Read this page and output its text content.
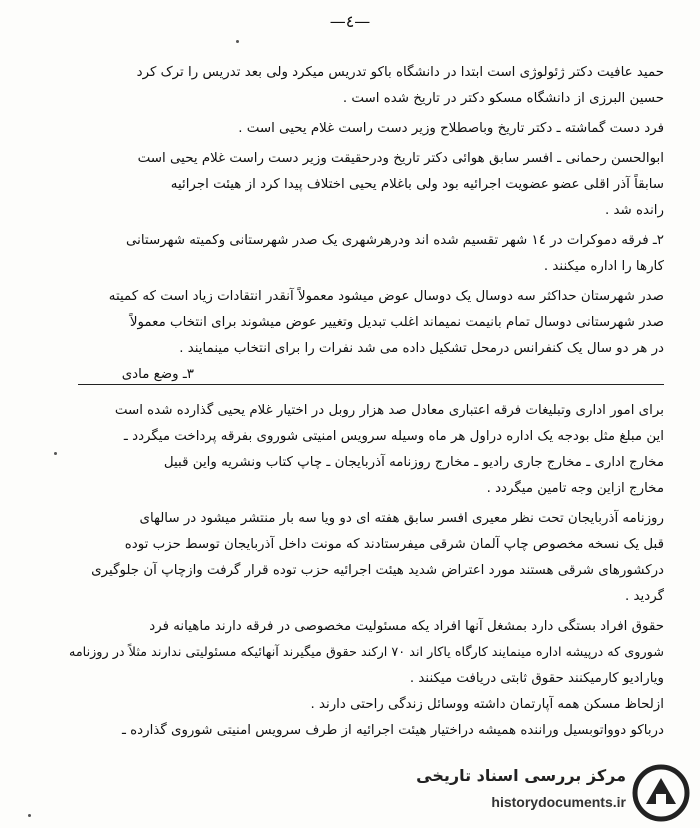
—٤—
حمید عافیت دکتر ژئولوژی است ابتدا در دانشگاه باکو تدریس میکرد ولی بعد تدریس را ترک کرد
حسین البرزی از دانشگاه مسکو دکتر در تاریخ شده است .
فرد دست گماشته ـ دکتر تاریخ وباصطلاح وزیر دست راست غلام یحیی است .
ابوالحسن رحمانی ـ افسر سابق هوائی دکتر تاریخ ودرحقیقت وزیر دست راست غلام یحیی است
سابقاً آذر اقلی عضو عضویت اجرائیه بود ولی باغلام یحیی اختلاف پیدا کرد از هیئت اجرائیه
رانده شد .
٢ـ فرقه دموکرات در ١٤ شهر تقسیم شده اند ودرهرشهری یک صدر شهرستانی وکمیته شهرستانی
کارها را اداره میکنند .
صدر شهرستان حداکثر سه دوسال یک دوسال عوض میشود معمولاً آنقدر انتقادات زیاد است که کمیته
صدر شهرستانی دوسال تمام بانیمت نمیماند اغلب تبدیل وتغییر عوض میشوند برای انتخاب معمولاً
در هر دو سال یک کنفرانس درمحل تشکیل داده می شد نفرات را برای انتخاب مینمایند .
٣ـ وضع مادی
برای امور اداری وتبلیغات فرقه اعتباری معادل صد هزار روبل در اختیار غلام یحیی گذارده شده است
این مبلغ مثل بودجه یک اداره دراول هر ماه وسیله سرویس امنیتی شوروی بفرقه پرداخت میگردد ـ
مخارج اداری ـ مخارج جاری رادیو ـ مخارج روزنامه آذربایجان ـ چاپ کتاب ونشریه واین قبیل
مخارج ازاین وجه تامین میگردد .
روزنامه آذربایجان تحت نظر معیری افسر سابق هفته ای دو ویا سه بار منتشر میشود در سالهای
قبل یک نسخه مخصوص چاپ آلمان شرقی میفرستادند که مونت داخل آذربایجان توسط حزب توده
درکشورهای شرقی هستند مورد اعتراض شدید هیئت اجرائیه حزب توده قرار گرفت وازچاپ آن جلوگیری
گردید .
حقوق افراد بستگی دارد بمشغل آنها افراد یکه مسئولیت مخصوصی در فرقه دارند ماهیانه فرد
شوروی که درپیشه اداره مینمایند کارگاه یاکار اند ٧٠ ارکند حقوق میگیرند آنهائیکه مسئولیتی ندارند مثلاً در روزنامه
ویارادیو کارمیکنند حقوق ثابتی دریافت میکنند .
ازلحاظ مسکن همه آپارتمان داشته ووسائل زندگی راحتی دارند .
درباکو دوواتوبسیل وراننده همیشه دراختیار هیئت اجرائیه از طرف سرویس امنیتی شوروی گذارده ـ
مرکز بررسی اسناد تاریخی
historydocuments.ir
